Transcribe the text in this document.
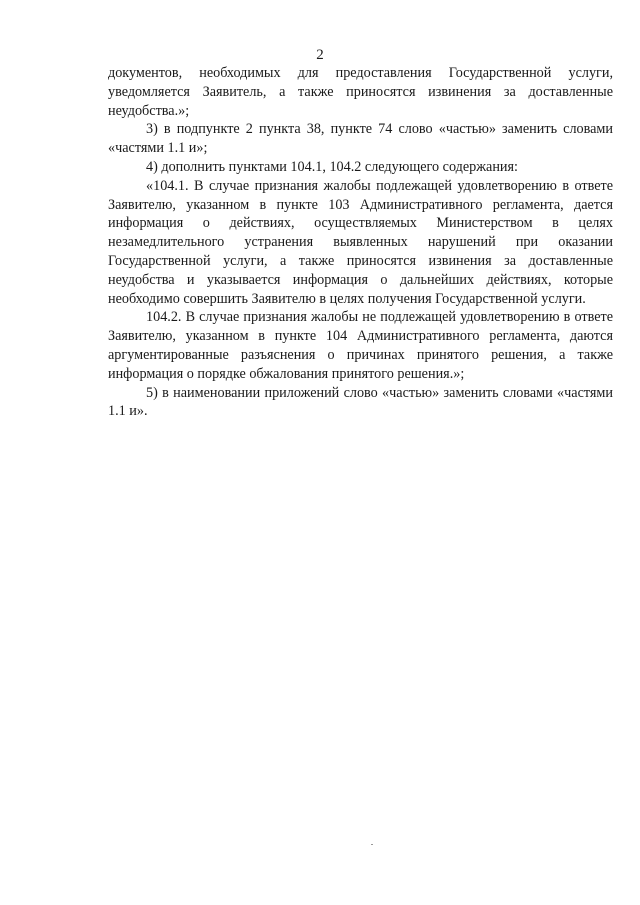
2

документов, необходимых для предоставления Государственной услуги, уведомляется Заявитель, а также приносятся извинения за доставленные неудобства.»;

3) в подпункте 2 пункта 38, пункте 74 слово «частью» заменить словами «частями 1.1 и»;

4) дополнить пунктами 104.1, 104.2 следующего содержания:

«104.1. В случае признания жалобы подлежащей удовлетворению в ответе Заявителю, указанном в пункте 103 Административного регламента, дается информация о действиях, осуществляемых Министерством в целях незамедлительного устранения выявленных нарушений при оказании Государственной услуги, а также приносятся извинения за доставленные неудобства и указывается информация о дальнейших действиях, которые необходимо совершить Заявителю в целях получения Государственной услуги.

104.2. В случае признания жалобы не подлежащей удовлетворению в ответе Заявителю, указанном в пункте 104 Административного регламента, даются аргументированные разъяснения о причинах принятого решения, а также информация о порядке обжалования принятого решения.»;

5) в наименовании приложений слово «частью» заменить словами «частями 1.1 и».
